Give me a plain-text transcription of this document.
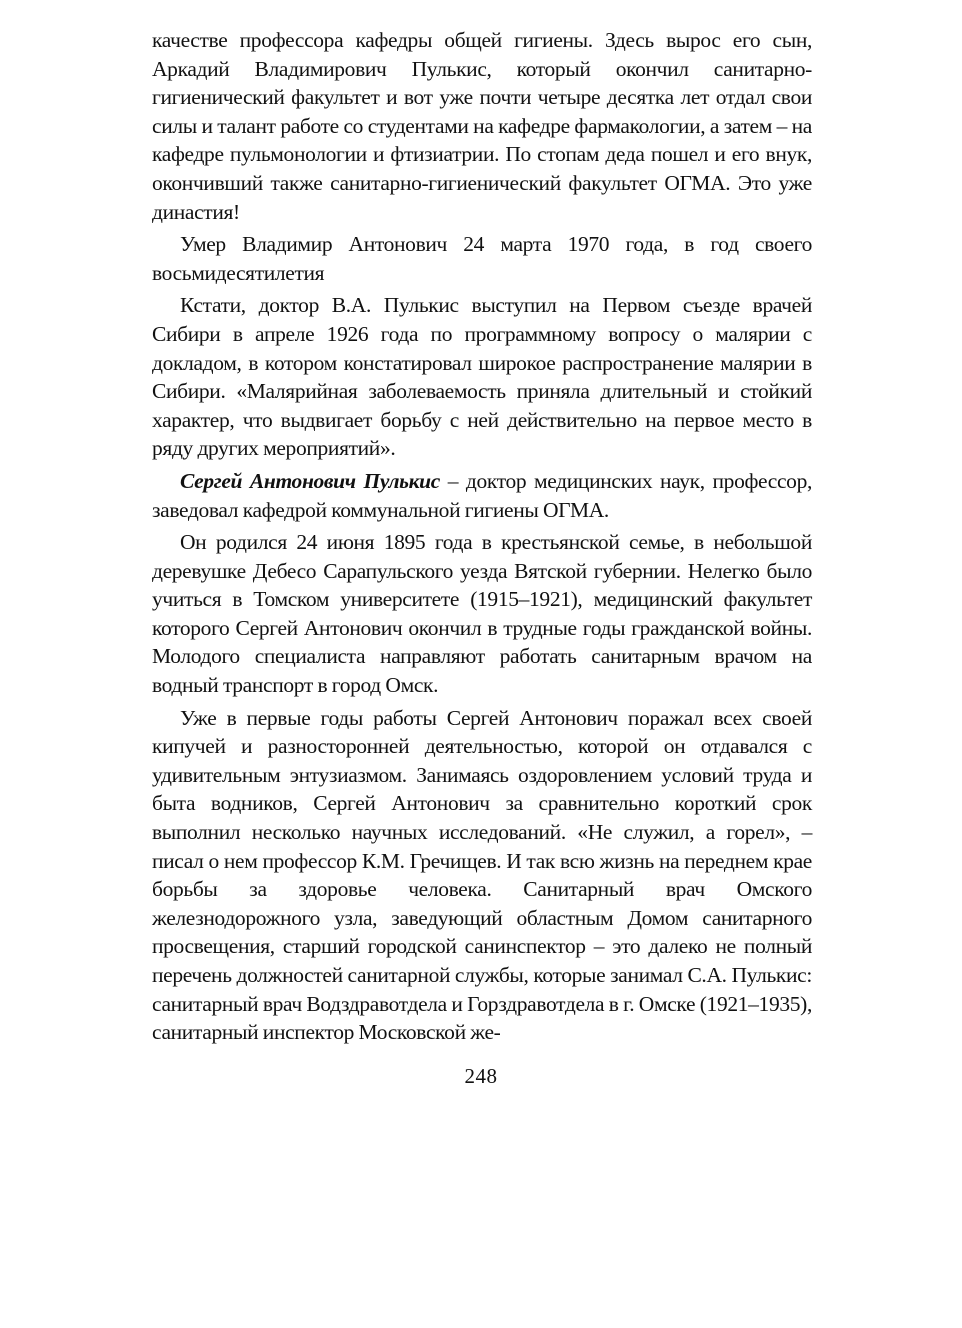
качестве профессора кафедры общей гигиены. Здесь вырос его сын, Аркадий Владимирович Пулькис, который окончил санитарно-гигиенический факультет и вот уже почти четыре десятка лет отдал свои силы и талант работе со студентами на кафедре фармакологии, а затем – на кафедре пульмонологии и фтизиатрии. По стопам деда пошел и его внук, окончивший также санитарно-гигиенический факультет ОГМА. Это уже династия!

Умер Владимир Антонович 24 марта 1970 года, в год своего восьмидесятилетия

Кстати, доктор В.А. Пулькис выступил на Первом съезде врачей Сибири в апреле 1926 года по программному вопросу о малярии с докладом, в котором констатировал широкое распространение малярии в Сибири. «Малярийная заболеваемость приняла длительный и стойкий характер, что выдвигает борьбу с ней действительно на первое место в ряду других мероприятий».

Сергей Антонович Пулькис – доктор медицинских наук, профессор, заведовал кафедрой коммунальной гигиены ОГМА.

Он родился 24 июня 1895 года в крестьянской семье, в небольшой деревушке Дебесо Сарапульского уезда Вятской губернии. Нелегко было учиться в Томском университете (1915–1921), медицинский факультет которого Сергей Антонович окончил в трудные годы гражданской войны. Молодого специалиста направляют работать санитарным врачом на водный транспорт в город Омск.

Уже в первые годы работы Сергей Антонович поражал всех своей кипучей и разносторонней деятельностью, которой он отдавался с удивительным энтузиазмом. Занимаясь оздоровлением условий труда и быта водников, Сергей Антонович за сравнительно короткий срок выполнил несколько научных исследований. «Не служил, а горел», – писал о нем профессор К.М. Гречищев. И так всю жизнь на переднем крае борьбы за здоровье человека. Санитарный врач Омского железнодорожного узла, заведующий областным Домом санитарного просвещения, старший городской санинспектор – это далеко не полный перечень должностей санитарной службы, которые занимал С.А. Пулькис: санитарный врач Водздравотдела и Горздравотдела в г. Омске (1921–1935), санитарный инспектор Московской же-

248
